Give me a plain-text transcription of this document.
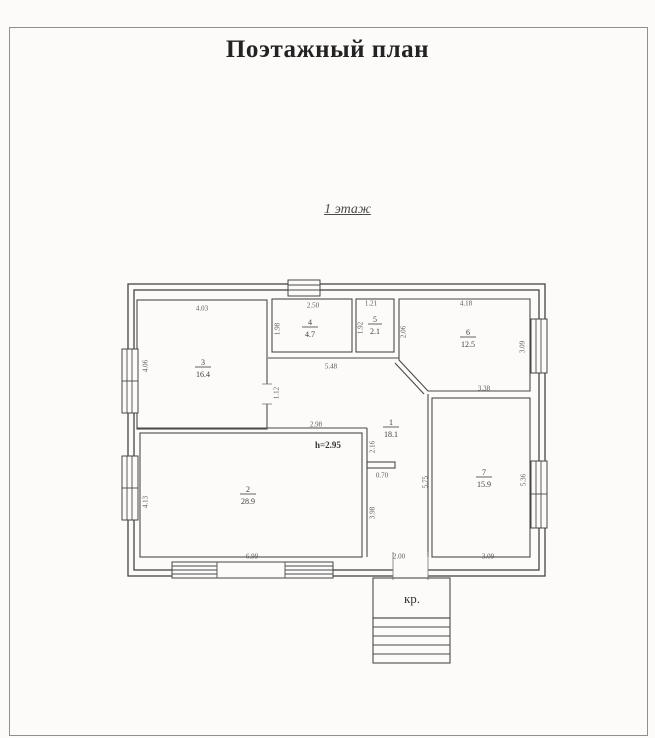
Поэтажный план
1 этаж
кр.
4.03
4.06
2.50
1.98
1.21
1.92	2.06
4.18
3.09
3.38
5.48
1.12
2.98
2.16
0.70
5.75
3.98
4.13
6.99	2.00
5.36
3.09
h=2.95
3
16.4
4
4.7
5
2.1	6
12.5
1
18.1
2
28.9
7
15.9
